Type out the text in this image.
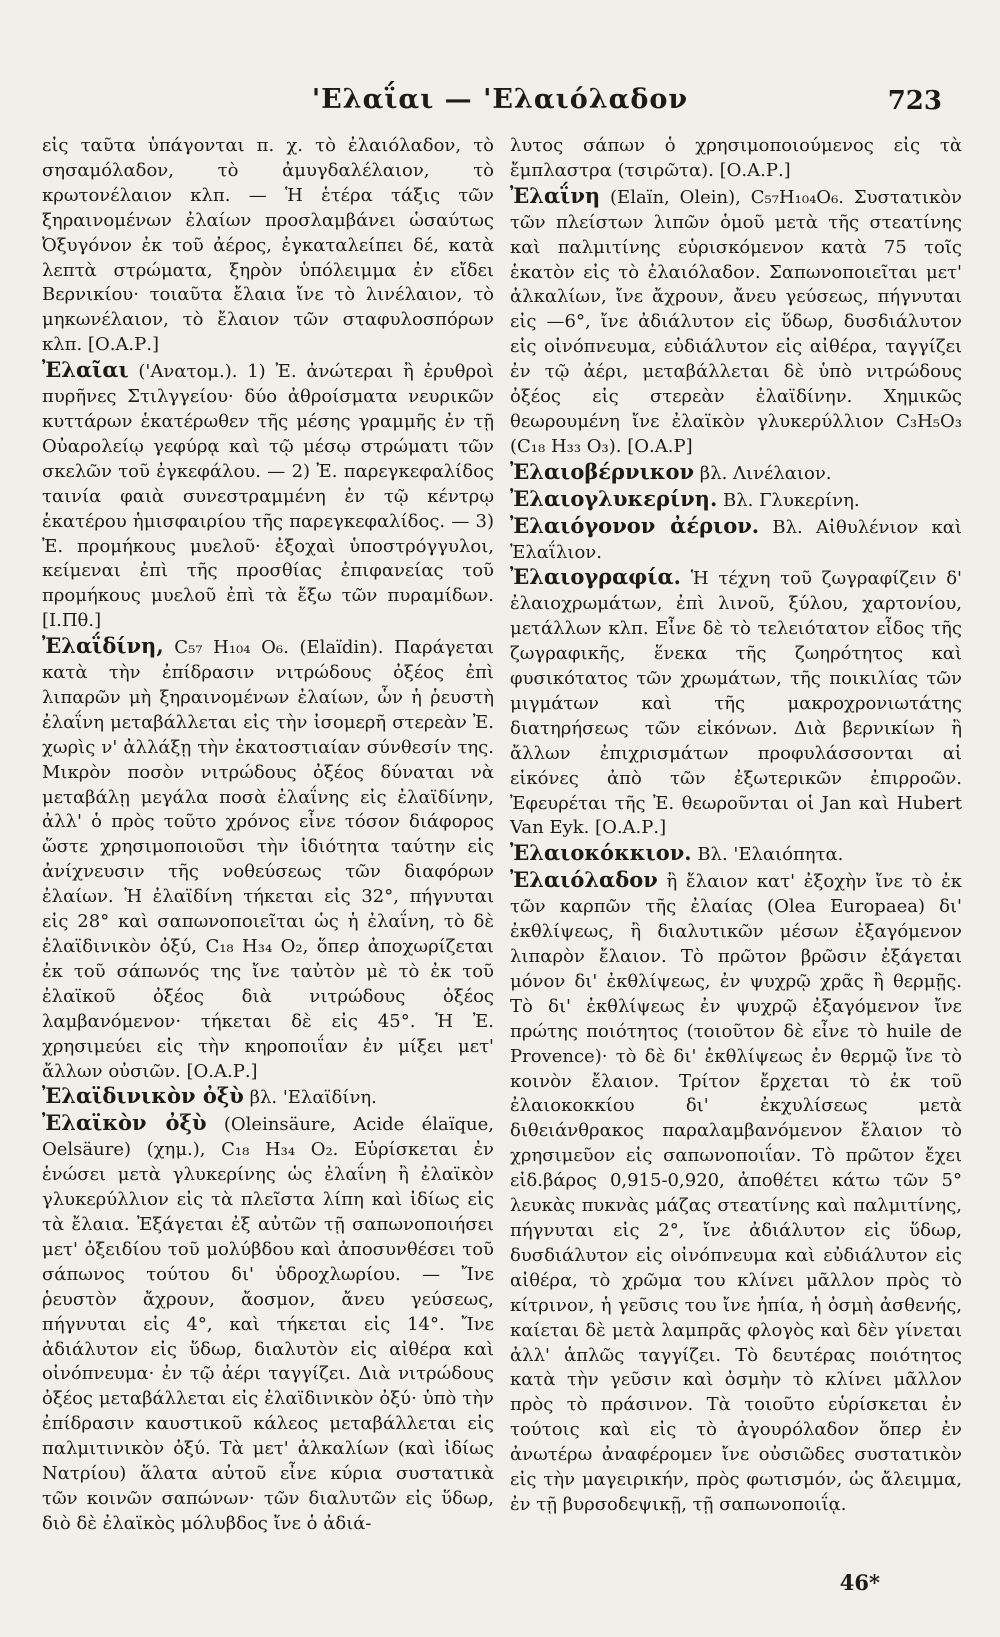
'Ελαΐαι — 'Ελαιόλαδον	723

εἰς ταῦτα ὑπάγονται π. χ. τὸ ἐλαιόλαδον, τὸ σησαμόλαδον, τὸ ἀμυγδαλέλαιον, τὸ κρωτονέλαιον κλπ. — Ἡ ἑτέρα τάξις τῶν ξηραινομένων ἐλαίων προσλαμβάνει ὡσαύτως Ὀξυγόνον ἐκ τοῦ ἀέρος, ἐγκαταλείπει δέ, κατὰ λεπτὰ στρώματα, ξηρὸν ὑπόλειμμα ἐν εἴδει Βερνικίου· τοιαῦτα ἔλαια ἴνε τὸ λινέλαιον, τὸ μηκωνέλαιον, τὸ ἔλαιον τῶν σταφυλοσπόρων κλπ. [Ο.Α.Ρ.]

Ἐλαῖαι ('Ανατομ.). 1) Ἐ. ἀνώτεραι ἢ ἐρυθροὶ πυρῆνες Στιλγγείου· δύο ἀθροίσματα νευρικῶν κυττάρων ἑκατέρωθεν τῆς μέσης γραμμῆς ἐν τῇ Οὐαρολείῳ γεφύρᾳ καὶ τῷ μέσῳ στρώματι τῶν σκελῶν τοῦ ἐγκεφάλου. — 2) Ἐ. παρεγκεφαλίδος ταινία φαιὰ συνεστραμμένη ἐν τῷ κέντρῳ ἑκατέρου ἡμισφαιρίου τῆς παρεγκεφαλίδος. — 3) Ἐ. προμήκους μυελοῦ· ἐξοχαὶ ὑποστρόγγυλοι, κείμεναι ἐπὶ τῆς προσθίας ἐπιφανείας τοῦ προμήκους μυελοῦ ἐπὶ τὰ ἔξω τῶν πυραμίδων. [Ι.Πθ.]

Ἐλαΐδίνη, C₅₇ H₁₀₄ O₆. (Elaïdin). Παράγεται κατὰ τὴν ἐπίδρασιν νιτρώδους ὀξέος ἐπὶ λιπαρῶν μὴ ξηραινομένων ἐλαίων, ὧν ἡ ῥευστὴ ἐλαΐνη μεταβάλλεται εἰς τὴν ἰσομερῆ στερεὰν Ἐ. χωρὶς ν' ἀλλάξῃ τὴν ἑκατοστιαίαν σύνθεσίν της. Μικρὸν ποσὸν νιτρώδους ὀξέος δύναται νὰ μεταβάλῃ μεγάλα ποσὰ ἐλαΐνης εἰς ἐλαϊδίνην, ἀλλ' ὁ πρὸς τοῦτο χρόνος εἶνε τόσον διάφορος ὥστε χρησιμοποιοῦσι τὴν ἰδιότητα ταύτην εἰς ἀνίχνευσιν τῆς νοθεύσεως τῶν διαφόρων ἐλαίων. Ἡ ἐλαϊδίνη τήκεται εἰς 32°, πήγνυται εἰς 28° καὶ σαπωνοποιεῖται ὡς ἡ ἐλαΐνη, τὸ δὲ ἐλαϊδινικὸν ὀξύ, C₁₈ H₃₄ O₂, ὅπερ ἀποχωρίζεται ἐκ τοῦ σάπωνός της ἴνε ταὐτὸν μὲ τὸ ἐκ τοῦ ἐλαϊκοῦ ὀξέος διὰ νιτρώδους ὀξέος λαμβανόμενον· τήκεται δὲ εἰς 45°. Ἡ Ἐ. χρησιμεύει εἰς τὴν κηροποιΐαν ἐν μίξει μετ' ἄλλων οὐσιῶν. [Ο.Α.Ρ.]

Ἐλαϊδινικὸν ὀξὺ βλ. 'Ελαϊδίνη.

Ἐλαϊκὸν ὀξὺ (Oleinsäure, Acide élaïque, Oelsäure) (χημ.), C₁₈ H₃₄ O₂. Εὑρίσκεται ἐν ἑνώσει μετὰ γλυκερίνης ὡς ἐλαΐνη ἢ ἐλαϊκὸν γλυκερύλλιον εἰς τὰ πλεῖστα λίπη καὶ ἰδίως εἰς τὰ ἔλαια. Ἐξάγεται ἐξ αὐτῶν τῇ σαπωνοποιήσει μετ' ὀξειδίου τοῦ μολύβδου καὶ ἀποσυνθέσει τοῦ σάπωνος τούτου δι' ὑδροχλωρίου. — Ἴνε ῥευστὸν ἄχρουν, ἄοσμον, ἄνευ γεύσεως, πήγνυται εἰς 4°, καὶ τήκεται εἰς 14°. Ἴνε ἀδιάλυτον εἰς ὕδωρ, διαλυτὸν εἰς αἰθέρα καὶ οἰνόπνευμα· ἐν τῷ ἀέρι ταγγίζει. Διὰ νιτρώδους ὀξέος μεταβάλλεται εἰς ἐλαϊδινικὸν ὀξύ· ὑπὸ τὴν ἐπίδρασιν καυστικοῦ κάλεος μεταβάλλεται εἰς παλμιτινικὸν ὀξύ. Τὰ μετ' ἀλκαλίων (καὶ ἰδίως Νατρίου) ἅλατα αὐτοῦ εἶνε κύρια συστατικὰ τῶν κοινῶν σαπώνων· τῶν διαλυτῶν εἰς ὕδωρ, διὸ δὲ ἐλαϊκὸς μόλυβδος ἴνε ὁ ἀδιά-

λυτος σάπων ὁ χρησιμοποιούμενος εἰς τὰ ἔμπλαστρα (τσιρῶτα). [Ο.Α.Ρ.]

Ἐλαΐνη (Elaïn, Olein), C₅₇H₁₀₄O₆. Συστατικὸν τῶν πλείστων λιπῶν ὁμοῦ μετὰ τῆς στεατίνης καὶ παλμιτίνης εὑρισκόμενον κατὰ 75 τοῖς ἑκατὸν εἰς τὸ ἐλαιόλαδον. Σαπωνοποιεῖται μετ' ἀλκαλίων, ἴνε ἄχρουν, ἄνευ γεύσεως, πήγνυται εἰς —6°, ἴνε ἀδιάλυτον εἰς ὕδωρ, δυσδιάλυτον εἰς οἰνόπνευμα, εὐδιάλυτον εἰς αἰθέρα, ταγγίζει ἐν τῷ ἀέρι, μεταβάλλεται δὲ ὑπὸ νιτρώδους ὀξέος εἰς στερεὰν ἐλαϊδίνην. Χημικῶς θεωρουμένη ἴνε ἐλαϊκὸν γλυκερύλλιον C₃H₅O₃ (C₁₈ H₃₃ O₃). [Ο.Α.Ρ]

Ἐλαιοβέρνικον βλ. Λινέλαιον.

Ἐλαιογλυκερίνη. Βλ. Γλυκερίνη.

Ἐλαιόγονον ἀέριον. Βλ. Αἰθυλένιον καὶ Ἐλαΐλιον.

Ἐλαιογραφία. Ἡ τέχνη τοῦ ζωγραφίζειν δ' ἐλαιοχρωμάτων, ἐπὶ λινοῦ, ξύλου, χαρτονίου, μετάλλων κλπ. Εἶνε δὲ τὸ τελειότατον εἶδος τῆς ζωγραφικῆς, ἕνεκα τῆς ζωηρότητος καὶ φυσικότατος τῶν χρωμάτων, τῆς ποικιλίας τῶν μιγμάτων καὶ τῆς μακροχρονιωτάτης διατηρήσεως τῶν εἰκόνων. Διὰ βερνικίων ἢ ἄλλων ἐπιχρισμάτων προφυλάσσονται αἱ εἰκόνες ἀπὸ τῶν ἐξωτερικῶν ἐπιρροῶν. Ἐφευρέται τῆς Ἐ. θεωροῦνται οἱ Jan καὶ Hubert Van Eyk. [Ο.Α.Ρ.]

Ἐλαιοκόκκιον. Βλ. 'Ελαιόπητα.

Ἐλαιόλαδον ἢ ἔλαιον κατ' ἐξοχὴν ἴνε τὸ ἐκ τῶν καρπῶν τῆς ἐλαίας (Olea Europaea) δι' ἐκθλίψεως, ἢ διαλυτικῶν μέσων ἐξαγόμενον λιπαρὸν ἔλαιον. Τὸ πρῶτον βρῶσιν ἐξάγεται μόνον δι' ἐκθλίψεως, ἐν ψυχρῷ χρᾶς ἢ θερμῇς. Τὸ δι' ἐκθλίψεως ἐν ψυχρῷ ἐξαγόμενον ἴνε πρώτης ποιότητος (τοιοῦτον δὲ εἶνε τὸ huile de Provence)· τὸ δὲ δι' ἐκθλίψεως ἐν θερμῷ ἴνε τὸ κοινὸν ἔλαιον. Τρίτον ἔρχεται τὸ ἐκ τοῦ ἐλαιοκοκκίου δι' ἐκχυλίσεως μετὰ διθειάνθρακος παραλαμβανόμενον ἔλαιον τὸ χρησιμεῦον εἰς σαπωνοποιΐαν. Τὸ πρῶτον ἔχει εἰδ.βάρος 0,915-0,920, ἀποθέτει κάτω τῶν 5° λευκὰς πυκνὰς μάζας στεατίνης καὶ παλμιτίνης, πήγνυται εἰς 2°, ἴνε ἀδιάλυτον εἰς ὕδωρ, δυσδιάλυτον εἰς οἰνόπνευμα καὶ εὐδιάλυτον εἰς αἰθέρα, τὸ χρῶμα του κλίνει μᾶλλον πρὸς τὸ κίτρινον, ἡ γεῦσις του ἴνε ἠπία, ἡ ὀσμὴ ἀσθενής, καίεται δὲ μετὰ λαμπρᾶς φλογὸς καὶ δὲν γίνεται ἀλλ' ἁπλῶς ταγγίζει. Τὸ δευτέρας ποιότητος κατὰ τὴν γεῦσιν καὶ ὀσμὴν τὸ κλίνει μᾶλλον πρὸς τὸ πράσινον. Τὰ τοιοῦτο εὑρίσκεται ἐν τούτοις καὶ εἰς τὸ ἀγουρόλαδον ὅπερ ἐν ἀνωτέρω ἀναφέρομεν ἴνε οὐσιῶδες συστατικὸν εἰς τὴν μαγειρικήν, πρὸς φωτισμόν, ὡς ἄλειμμα, ἐν τῇ βυρσοδεψικῇ, τῇ σαπωνοποιΐᾳ.

46*
